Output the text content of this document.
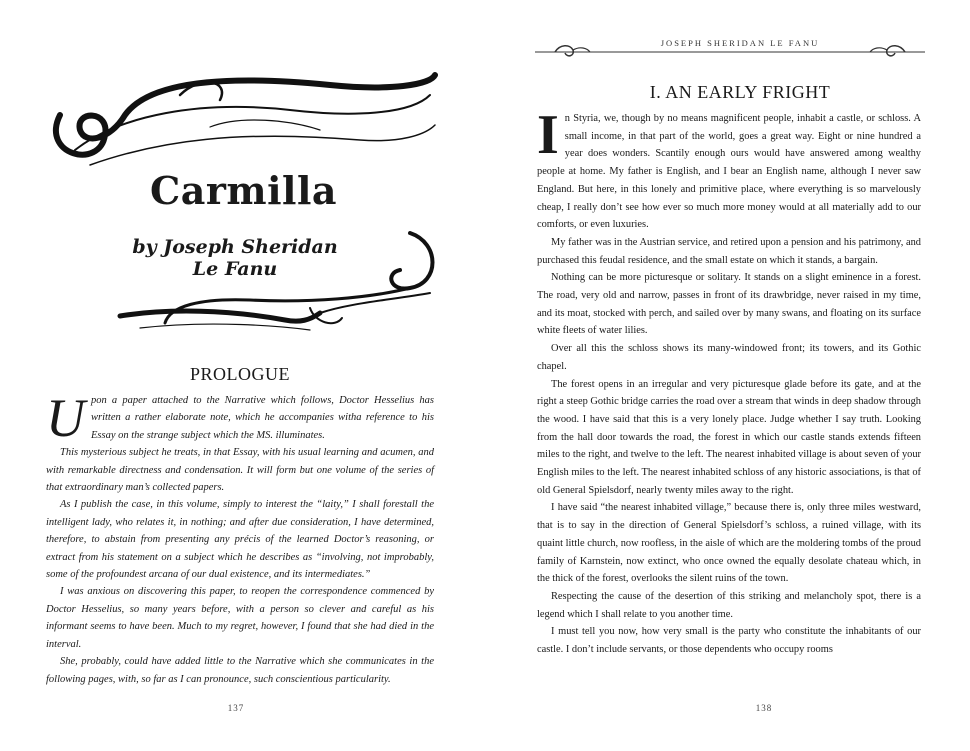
Carmilla
by Joseph Sheridan Le Fanu
PROLOGUE

Upon a paper attached to the Narrative which follows, Doctor Hesselius has written a rather elaborate note, which he accompanies witha reference to his Essay on the strange subject which the MS. illuminates.

This mysterious subject he treats, in that Essay, with his usual learning and acumen, and with remarkable directness and condensation. It will form but one volume of the series of that extraordinary man’s collected papers.

As I publish the case, in this volume, simply to interest the “laity,” I shall forestall the intelligent lady, who relates it, in nothing; and after due consideration, I have determined, therefore, to abstain from presenting any précis of the learned Doctor’s reasoning, or extract from his statement on a subject which he describes as “involving, not improbably, some of the profoundest arcana of our dual existence, and its intermediates.”

I was anxious on discovering this paper, to reopen the correspondence commenced by Doctor Hesselius, so many years before, with a person so clever and careful as his informant seems to have been. Much to my regret, however, I found that she had died in the interval.

She, probably, could have added little to the Narrative which she communicates in the following pages, with, so far as I can pronounce, such conscientious particularity.

137
JOSEPH SHERIDAN LE FANU
I. AN EARLY FRIGHT

In Styria, we, though by no means magnificent people, inhabit a castle, or schloss. A small income, in that part of the world, goes a great way. Eight or nine hundred a year does wonders. Scantily enough ours would have answered among wealthy people at home. My father is English, and I bear an English name, although I never saw England. But here, in this lonely and primitive place, where everything is so marvelously cheap, I really don’t see how ever so much more money would at all materially add to our comforts, or even luxuries.

My father was in the Austrian service, and retired upon a pension and his patrimony, and purchased this feudal residence, and the small estate on which it stands, a bargain.

Nothing can be more picturesque or solitary. It stands on a slight eminence in a forest. The road, very old and narrow, passes in front of its drawbridge, never raised in my time, and its moat, stocked with perch, and sailed over by many swans, and floating on its surface white fleets of water lilies.

Over all this the schloss shows its many-windowed front; its towers, and its Gothic chapel.

The forest opens in an irregular and very picturesque glade before its gate, and at the right a steep Gothic bridge carries the road over a stream that winds in deep shadow through the wood. I have said that this is a very lonely place. Judge whether I say truth. Looking from the hall door towards the road, the forest in which our castle stands extends fifteen miles to the right, and twelve to the left. The nearest inhabited village is about seven of your English miles to the left. The nearest inhabited schloss of any historic associations, is that of old General Spielsdorf, nearly twenty miles away to the right.

I have said “the nearest inhabited village,” because there is, only three miles westward, that is to say in the direction of General Spielsdorf’s schloss, a ruined village, with its quaint little church, now roofless, in the aisle of which are the moldering tombs of the proud family of Karnstein, now extinct, who once owned the equally desolate chateau which, in the thick of the forest, overlooks the silent ruins of the town.

Respecting the cause of the desertion of this striking and melancholy spot, there is a legend which I shall relate to you another time.

I must tell you now, how very small is the party who constitute the inhabitants of our castle. I don’t include servants, or those dependents who occupy rooms

138
